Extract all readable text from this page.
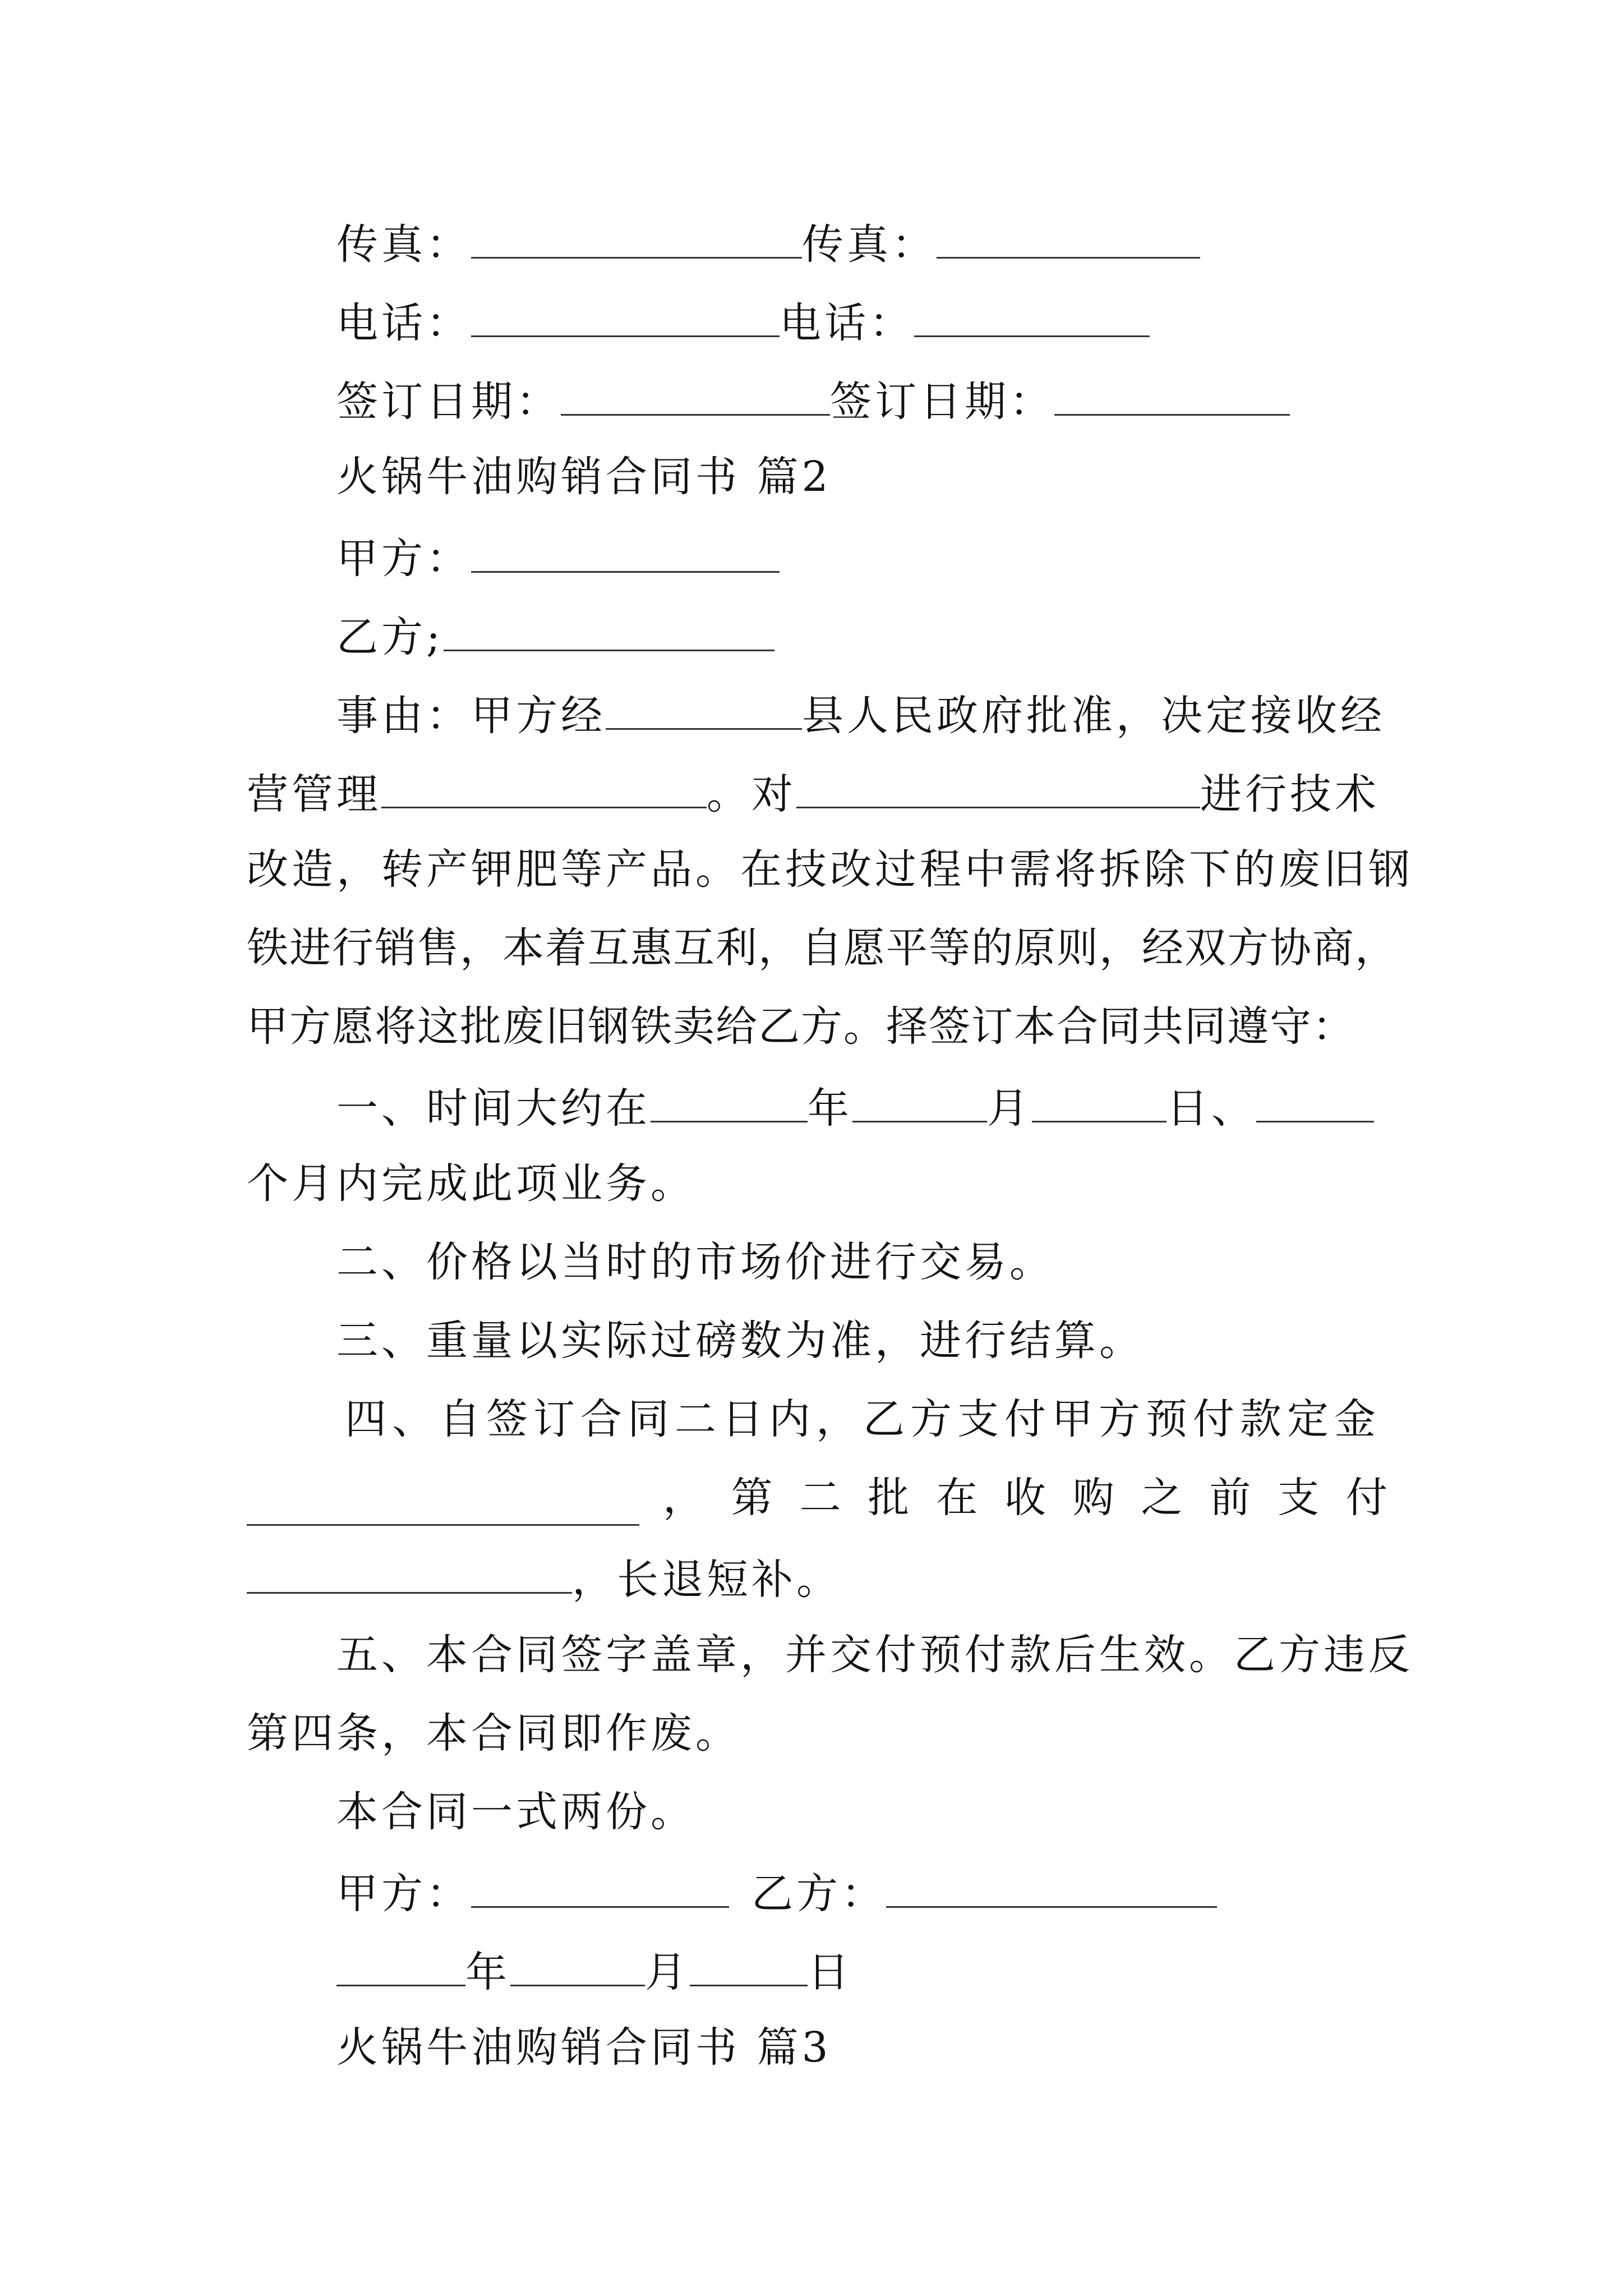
传真：	传真：
电话：	电话：
签订日期：	签订日期：
火锅牛油购销合同书 篇2
甲方：
乙方;
事由：甲方经	县人民政府批准，决定接收经
营管理	。对	进行技术
改造，转产钾肥等产品。在技改过程中需将拆除下的废旧钢
铁进行销售，本着互惠互利，自愿平等的原则，经双方协商，
甲方愿将这批废旧钢铁卖给乙方。择签订本合同共同遵守：
一、时间大约在	年	月	日、
个月内完成此项业务。
二、价格以当时的市场价进行交易。
三、重量以实际过磅数为准，进行结算。
四、自签订合同二日内，乙方支付甲方预付款定金
， 第 二 批 在 收 购 之 前 支 付
，长退短补。
五、本合同签字盖章，并交付预付款后生效。乙方违反
第四条，本合同即作废。
本合同一式两份。
甲方：	乙方：
年	月	日
火锅牛油购销合同书 篇3
